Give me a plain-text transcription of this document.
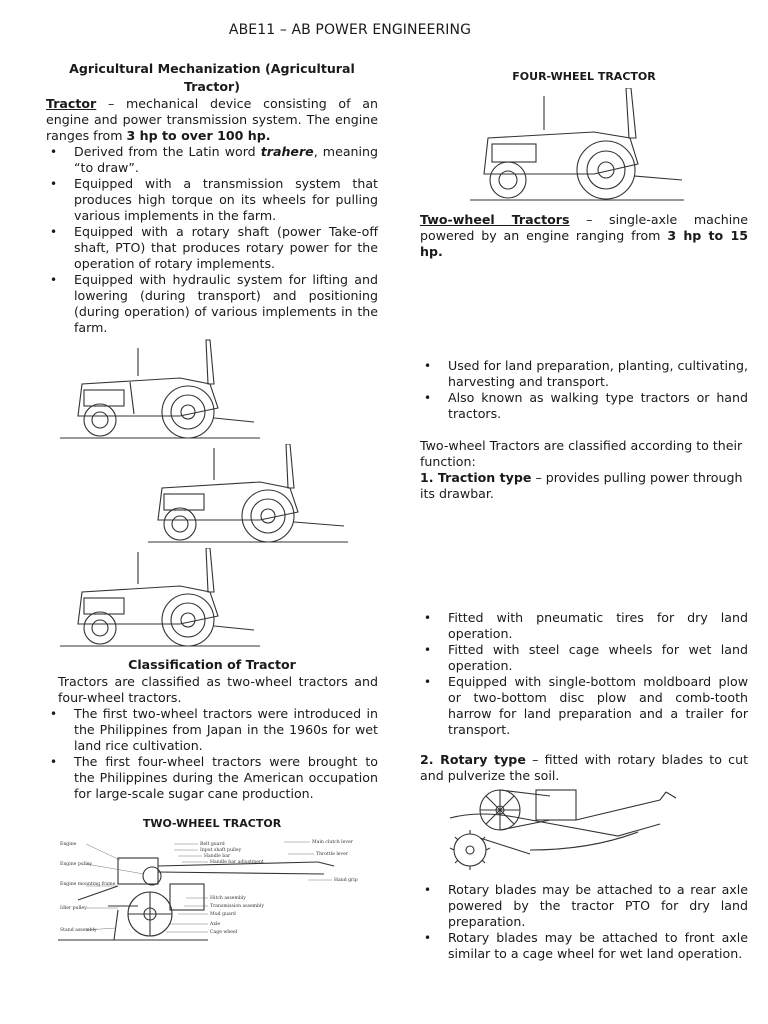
ABE11 – AB POWER ENGINEERING
Agricultural Mechanization (Agricultural Tractor)

Tractor – mechanical device consisting of an engine and power transmission system. The engine ranges from 3 hp to over 100 hp.

• Derived from the Latin word trahere, meaning “to draw”.
• Equipped with a transmission system that produces high torque on its wheels for pulling various implements in the farm.
• Equipped with a rotary shaft (power Take-off shaft, PTO) that produces rotary power for the operation of rotary implements.
• Equipped with hydraulic system for lifting and lowering (during transport) and positioning (during operation) of various implements in the farm.
Classification of Tractor

Tractors are classified as two-wheel tractors and four-wheel tractors.

• The first two-wheel tractors were introduced in the Philippines from Japan in the 1960s for wet land rice cultivation.
• The first four-wheel tractors were brought to the Philippines during the American occupation for large-scale sugar cane production.
TWO-WHEEL TRACTOR
Engine
Engine pulley
Engine mounting frame
Idler pulley
Stand assembly
Belt guard
Input shaft pulley
Handle bar
Handle bar adjustment
Main clutch lever
Throttle lever
Hand grip
Hitch assembly
Transmission assembly
Mud guard
Axle
Cage wheel
FOUR-WHEEL TRACTOR

Two-wheel Tractors – single-axle machine powered by an engine ranging from 3 hp to 15 hp.

• Used for land preparation, planting, cultivating, harvesting and transport.
• Also known as walking type tractors or hand tractors.

Two-wheel Tractors are classified according to their function:

1. Traction type – provides pulling power through its drawbar.

• Fitted with pneumatic tires for dry land operation.
• Fitted with steel cage wheels for wet land operation.
• Equipped with single-bottom moldboard plow or two-bottom disc plow and comb-tooth harrow for land preparation and a trailer for transport.

2. Rotary type – fitted with rotary blades to cut and pulverize the soil.

• Rotary blades may be attached to a rear axle powered by the tractor PTO for dry land preparation.
• Rotary blades may be attached to front axle similar to a cage wheel for wet land operation.
